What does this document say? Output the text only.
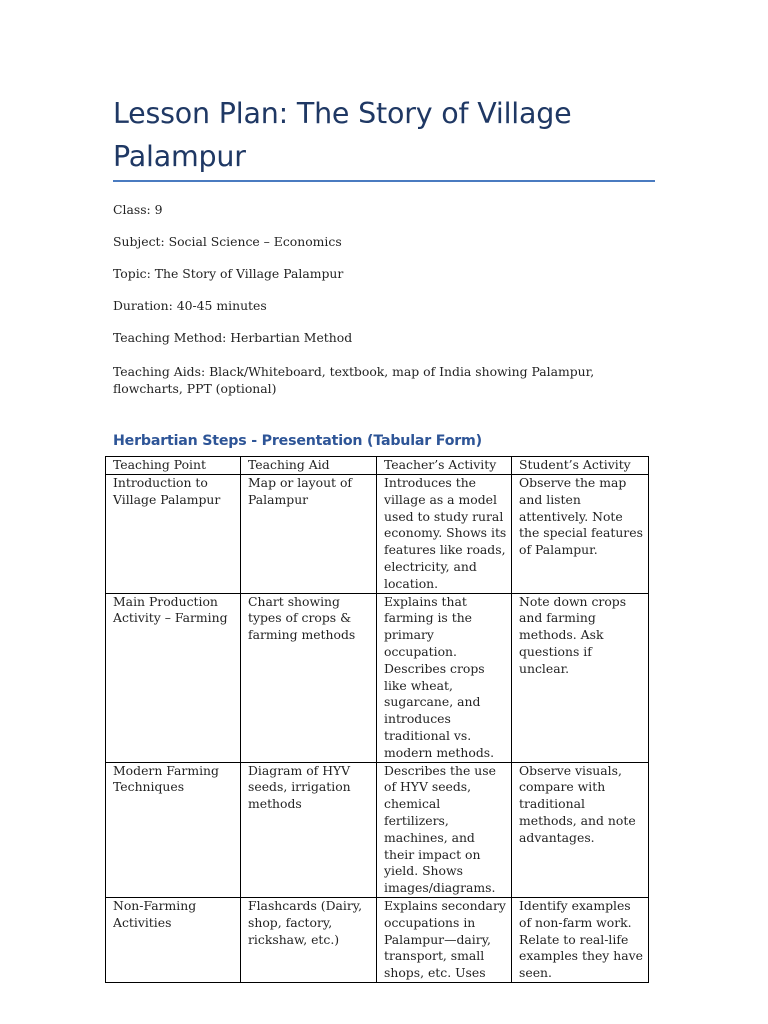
Lesson Plan: The Story of Village Palampur
Class: 9
Subject: Social Science – Economics
Topic: The Story of Village Palampur
Duration: 40-45 minutes
Teaching Method: Herbartian Method
Teaching Aids: Black/Whiteboard, textbook, map of India showing Palampur, flowcharts, PPT (optional)
Herbartian Steps - Presentation (Tabular Form)
Teaching Point	Teaching Aid	Teacher’s Activity	Student’s Activity
Introduction to Village Palampur	Map or layout of Palampur	Introduces the village as a model used to study rural economy. Shows its features like roads, electricity, and location.	Observe the map and listen attentively. Note the special features of Palampur.
Main Production Activity – Farming	Chart showing types of crops & farming methods	Explains that farming is the primary occupation. Describes crops like wheat, sugarcane, and introduces traditional vs. modern methods.	Note down crops and farming methods. Ask questions if unclear.
Modern Farming Techniques	Diagram of HYV seeds, irrigation methods	Describes the use of HYV seeds, chemical fertilizers, machines, and their impact on yield. Shows images/diagrams.	Observe visuals, compare with traditional methods, and note advantages.

Non-Farming Activities	Flashcards (Dairy, shop, factory, rickshaw, etc.)	Explains secondary occupations in Palampur—dairy, transport, small shops, etc. Uses	Identify examples of non-farm work. Relate to real-life examples they have seen.
